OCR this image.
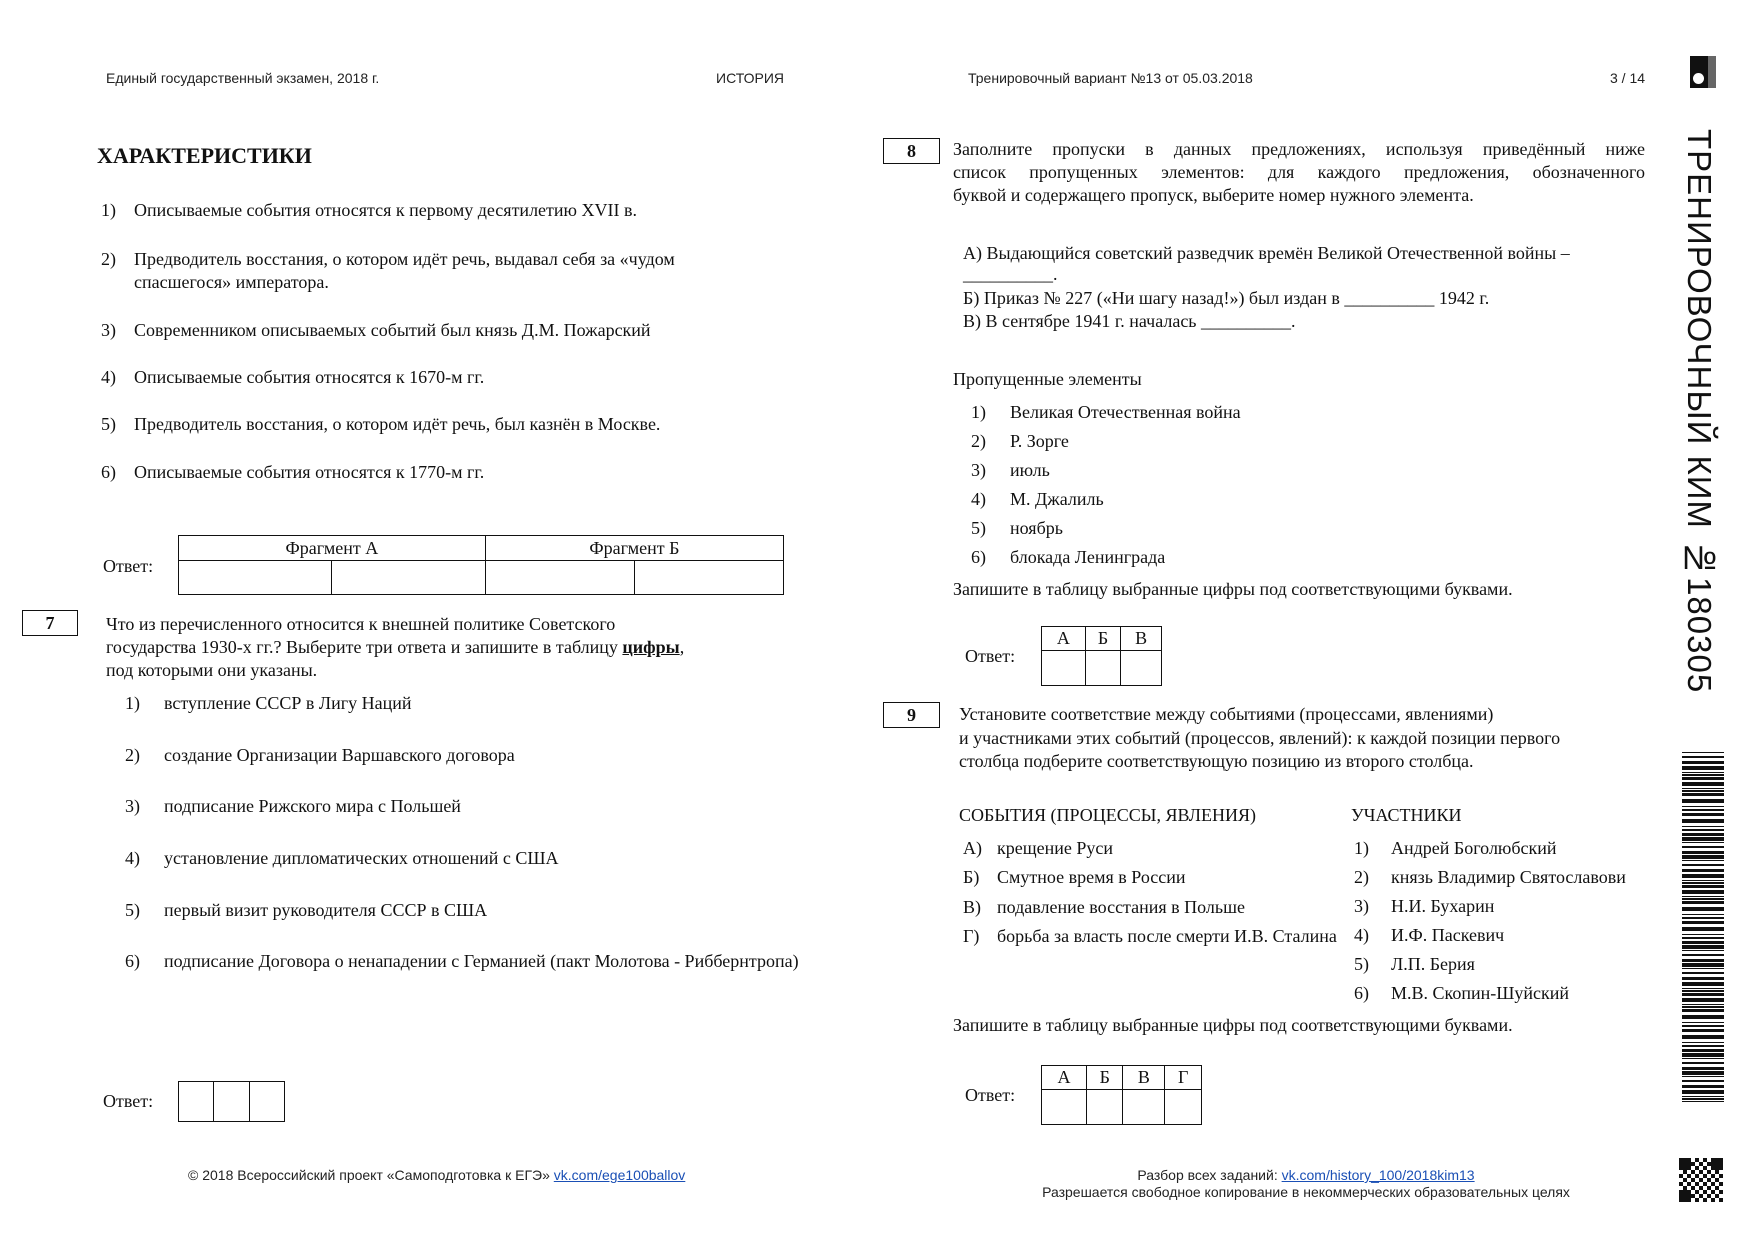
Единый государственный экзамен, 2018 г.	ИСТОРИЯ	Тренировочный вариант №13 от 05.03.2018	3 / 14
ТРЕНИРОВОЧНЫЙ КИМ №180305
ХАРАКТЕРИСТИКИ
1) Описываемые события относятся к первому десятилетию XVII в.
2) Предводитель восстания, о котором идёт речь, выдавал себя за «чудом
спасшегося» императора.
3) Современником описываемых событий был князь Д.М. Пожарский
4) Описываемые события относятся к 1670-м гг.
5) Предводитель восстания, о котором идёт речь, был казнён в Москве.
6) Описываемые события относятся к 1770-м гг.
Ответ:
Фрагмент А		Фрагмент Б	

7	Что из перечисленного относится к внешней политике Советского
государства 1930-х гг.? Выберите три ответа и запишите в таблицу цифры,
под которыми они указаны.
1) вступление СССР в Лигу Наций
2) создание Организации Варшавского договора
3) подписание Рижского мира с Польшей
4) установление дипломатических отношений с США
5) первый визит руководителя СССР в США
6) подписание Договора о ненападении с Германией (пакт Молотова - Риббернтропа)
Ответ:

© 2018 Всероссийский проект «Самоподготовка к ЕГЭ» vk.com/ege100ballov
8	Заполните пропуски в данных предложениях, используя приведённый ниже
список пропущенных элементов: для каждого предложения, обозначенного
буквой и содержащего пропуск, выберите номер нужного элемента.
А) Выдающийся советский разведчик времён Великой Отечественной войны –
__________.
Б) Приказ № 227 («Ни шагу назад!») был издан в __________ 1942 г.
В) В сентябре 1941 г. началась __________.
Пропущенные элементы
1) Великая Отечественная война
2) Р. Зорге
3) июль
4) М. Джалиль
5) ноябрь
6) блокада Ленинграда
Запишите в таблицу выбранные цифры под соответствующими буквами.
Ответ:
А	Б	В

9	Установите соответствие между событиями (процессами, явлениями)
и участниками этих событий (процессов, явлений): к каждой позиции первого
столбца подберите соответствующую позицию из второго столбца.
СОБЫТИЯ (ПРОЦЕССЫ, ЯВЛЕНИЯ)	УЧАСТНИКИ
А) крещение Руси
Б) Смутное время в России
В) подавление восстания в Польше
Г) борьба за власть после смерти И.В. Сталина
1) Андрей Боголюбский
2) князь Владимир Святославови
3) Н.И. Бухарин
4) И.Ф. Паскевич
5) Л.П. Берия
6) М.В. Скопин-Шуйский
Запишите в таблицу выбранные цифры под соответствующими буквами.
Ответ:
А	Б	В	Г

Разбор всех заданий: vk.com/history_100/2018kim13
Разрешается свободное копирование в некоммерческих образовательных целях
